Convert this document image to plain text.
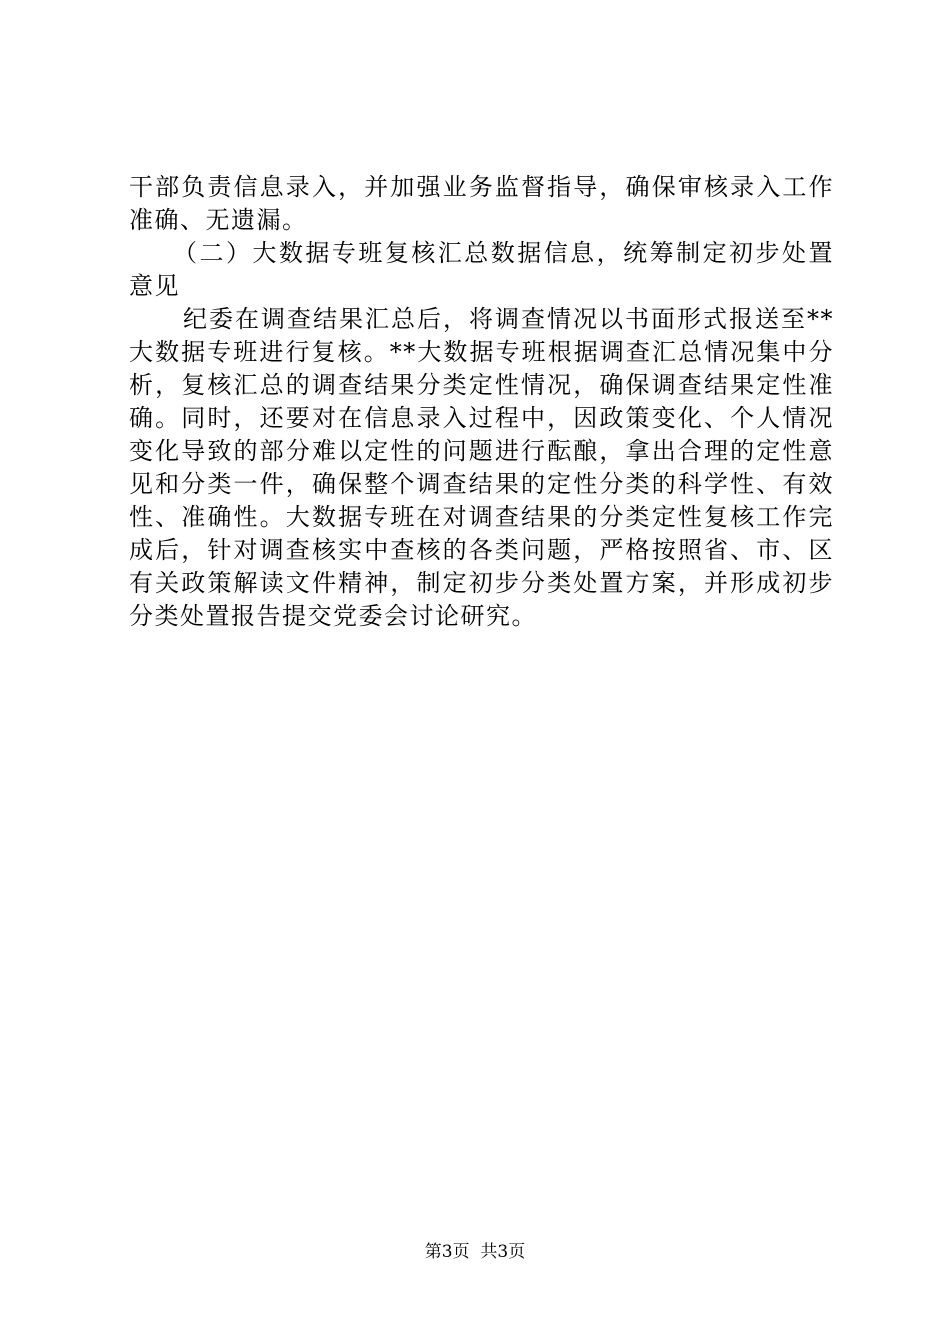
干部负责信息录入，并加强业务监督指导，确保审核录入工作准确、无遗漏。

（二）大数据专班复核汇总数据信息，统筹制定初步处置意见

纪委在调查结果汇总后，将调查情况以书面形式报送至**大数据专班进行复核。**大数据专班根据调查汇总情况集中分析，复核汇总的调查结果分类定性情况，确保调查结果定性准确。同时，还要对在信息录入过程中，因政策变化、个人情况变化导致的部分难以定性的问题进行酝酿，拿出合理的定性意见和分类一件，确保整个调查结果的定性分类的科学性、有效性、准确性。大数据专班在对调查结果的分类定性复核工作完成后，针对调查核实中查核的各类问题，严格按照省、市、区有关政策解读文件精神，制定初步分类处置方案，并形成初步分类处置报告提交党委会讨论研究。

第3页  共3页
